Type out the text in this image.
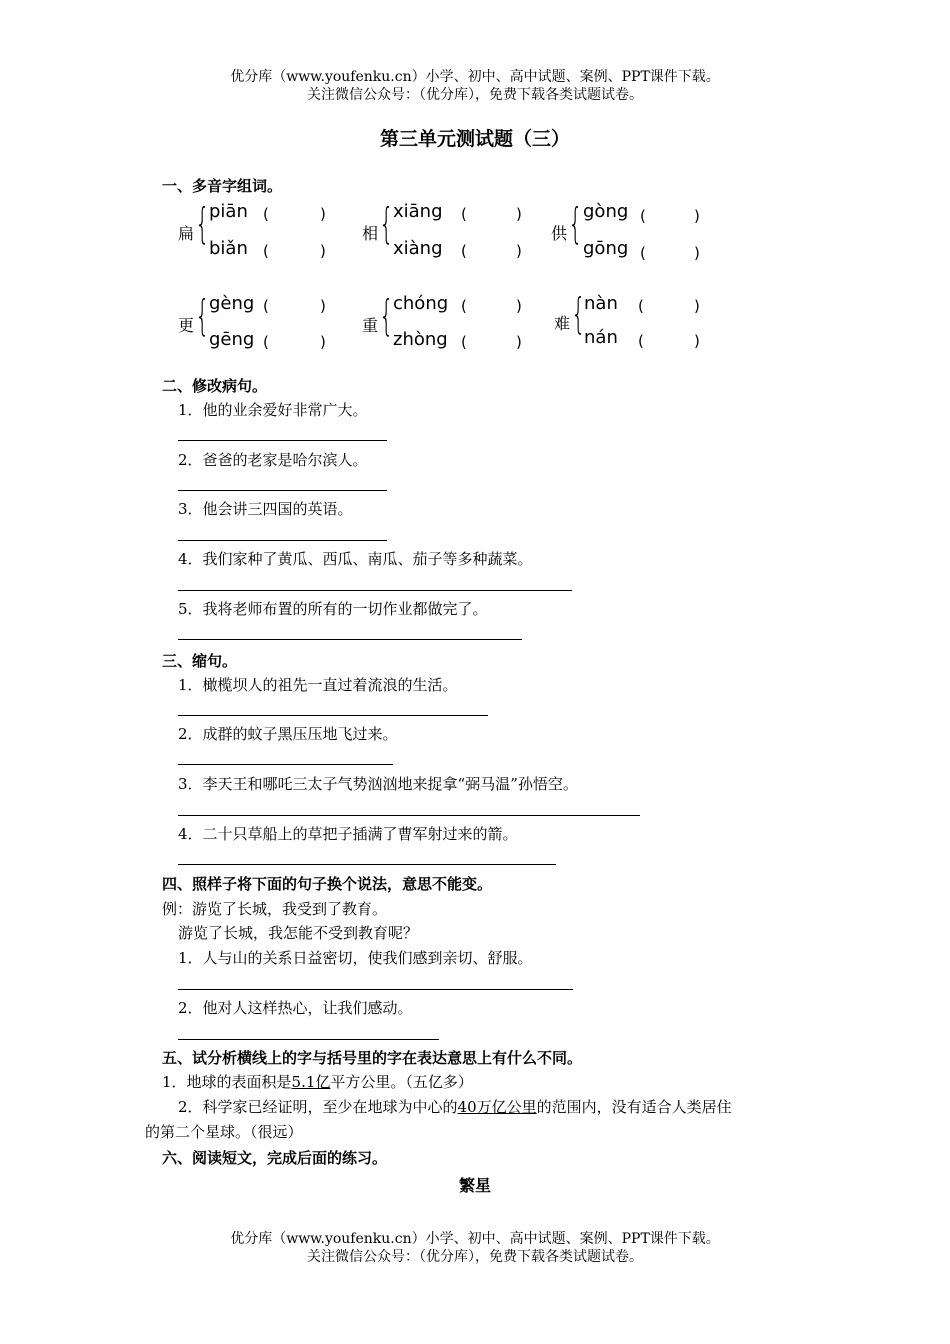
优分库（www.youfenku.cn）小学、初中、高中试题、案例、PPT课件下载。
关注微信公众号：（优分库），免费下载各类试题试卷。
第三单元测试题（三）
一、多音字组词。
扁 { piān (	)
biǎn (	)
相 { xiāng (	)
xiàng (	)
供 { gòng (	)
gōng (	)
更 { gèng (	)
gēng (	)
重 { chóng (	)
zhòng (	)
难 {
nàn (	)
nán (	)
二、修改病句。
1．他的业余爱好非常广大。
2．爸爸的老家是哈尔滨人。
3．他会讲三四国的英语。
4．我们家种了黄瓜、西瓜、南瓜、茄子等多种蔬菜。
5．我将老师布置的所有的一切作业都做完了。
三、缩句。
1．橄榄坝人的祖先一直过着流浪的生活。
2．成群的蚊子黑压压地飞过来。
3．李天王和哪吒三太子气势汹汹地来捉拿“弼马温”孙悟空。
4．二十只草船上的草把子插满了曹军射过来的箭。
四、照样子将下面的句子换个说法，意思不能变。
例：游览了长城，我受到了教育。
游览了长城，我怎能不受到教育呢？
1．人与山的关系日益密切，使我们感到亲切、舒服。
2．他对人这样热心，让我们感动。
五、试分析横线上的字与括号里的字在表达意思上有什么不同。
1．地球的表面积是5.1亿平方公里。（五亿多）
2．科学家已经证明，至少在地球为中心的40万亿公里的范围内，没有适合人类居住
的第二个星球。（很远）
六、阅读短文，完成后面的练习。
繁星
优分库（www.youfenku.cn）小学、初中、高中试题、案例、PPT课件下载。
关注微信公众号：（优分库），免费下载各类试题试卷。
